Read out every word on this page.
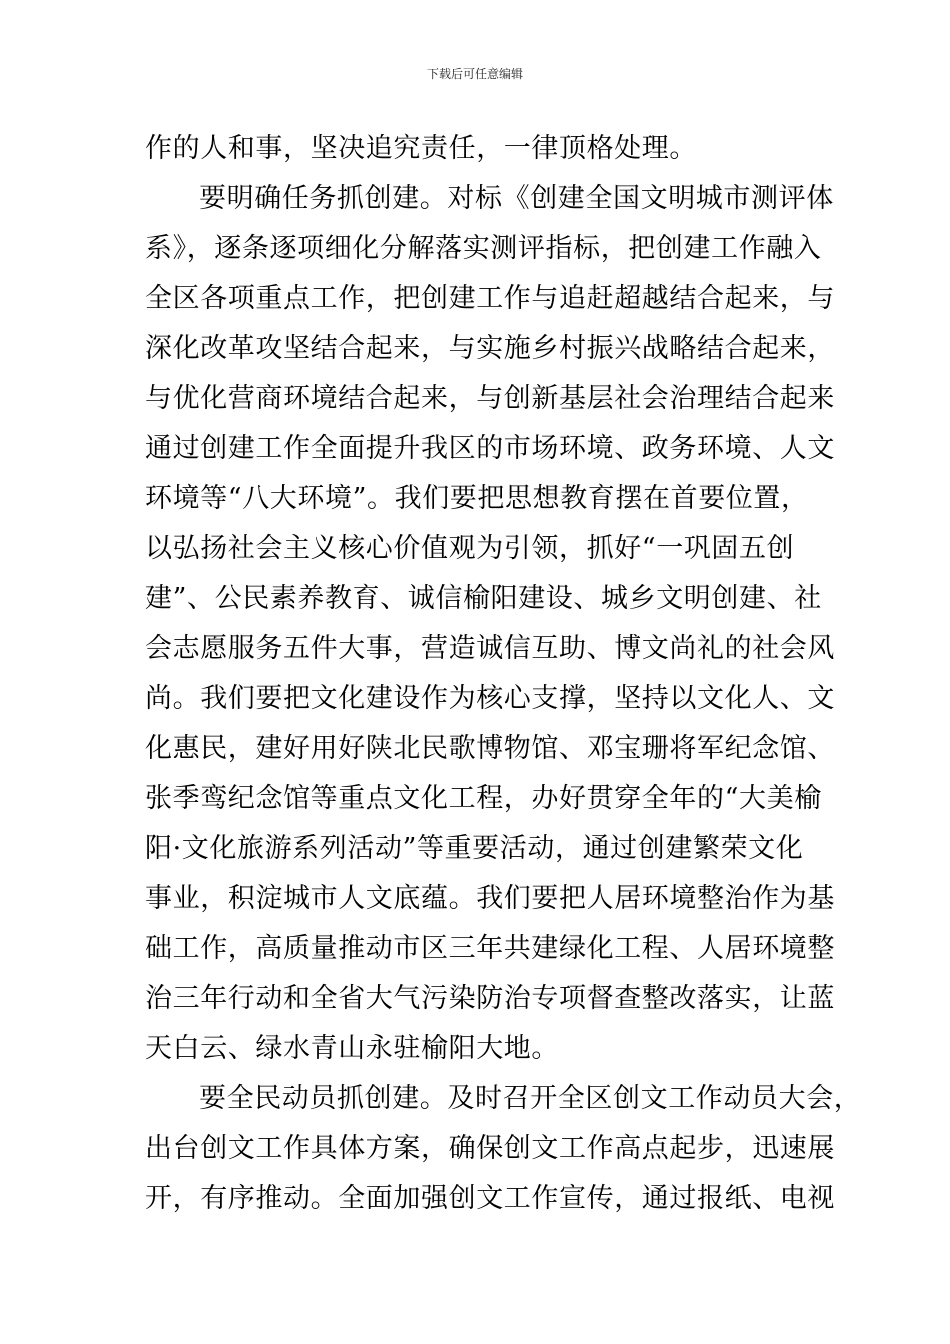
下载后可任意编辑
作的人和事，坚决追究责任，一律顶格处理。
要明确任务抓创建。对标《创建全国文明城市测评体
系》，逐条逐项细化分解落实测评指标，把创建工作融入
全区各项重点工作，把创建工作与追赶超越结合起来，与
深化改革攻坚结合起来，与实施乡村振兴战略结合起来，
与优化营商环境结合起来，与创新基层社会治理结合起来
通过创建工作全面提升我区的市场环境、政务环境、人文
环境等“八大环境”。我们要把思想教育摆在首要位置，
以弘扬社会主义核心价值观为引领，抓好“一巩固五创
建”、公民素养教育、诚信榆阳建设、城乡文明创建、社
会志愿服务五件大事，营造诚信互助、博文尚礼的社会风
尚。我们要把文化建设作为核心支撑，坚持以文化人、文
化惠民，建好用好陕北民歌博物馆、邓宝珊将军纪念馆、
张季鸾纪念馆等重点文化工程，办好贯穿全年的“大美榆
阳·文化旅游系列活动”等重要活动，通过创建繁荣文化
事业，积淀城市人文底蕴。我们要把人居环境整治作为基
础工作，高质量推动市区三年共建绿化工程、人居环境整
治三年行动和全省大气污染防治专项督查整改落实，让蓝
天白云、绿水青山永驻榆阳大地。
要全民动员抓创建。及时召开全区创文工作动员大会，
出台创文工作具体方案，确保创文工作高点起步，迅速展
开，有序推动。全面加强创文工作宣传，通过报纸、电视
